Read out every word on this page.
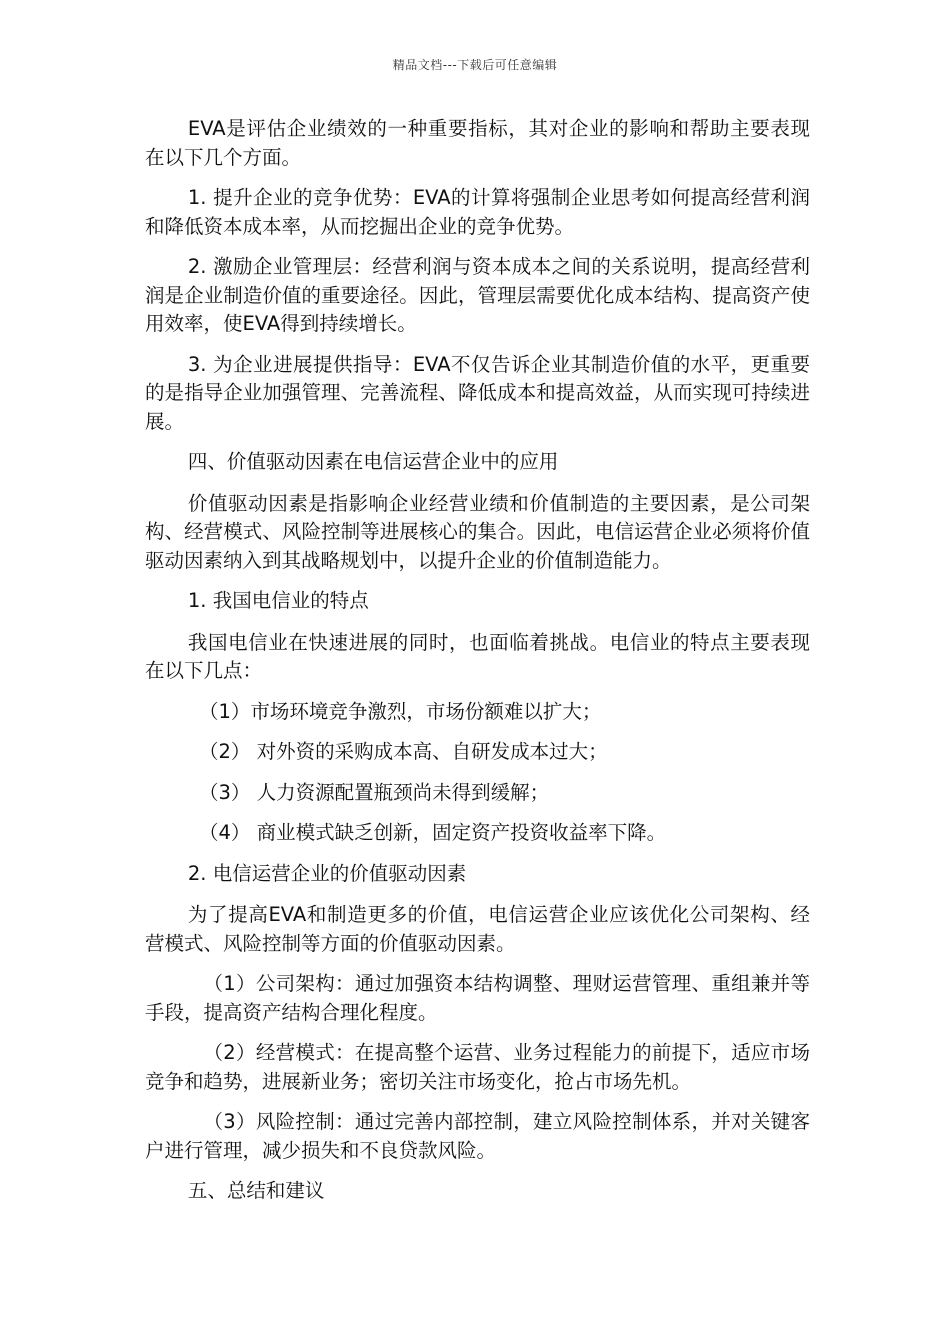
精品文档---下载后可任意编辑

EVA是评估企业绩效的一种重要指标，其对企业的影响和帮助主要表现在以下几个方面。

1. 提升企业的竞争优势：EVA的计算将强制企业思考如何提高经营利润和降低资本成本率，从而挖掘出企业的竞争优势。

2. 激励企业管理层：经营利润与资本成本之间的关系说明，提高经营利润是企业制造价值的重要途径。因此，管理层需要优化成本结构、提高资产使用效率，使EVA得到持续增长。

3. 为企业进展提供指导：EVA不仅告诉企业其制造价值的水平，更重要的是指导企业加强管理、完善流程、降低成本和提高效益，从而实现可持续进展。

四、价值驱动因素在电信运营企业中的应用

价值驱动因素是指影响企业经营业绩和价值制造的主要因素，是公司架构、经营模式、风险控制等进展核心的集合。因此，电信运营企业必须将价值驱动因素纳入到其战略规划中，以提升企业的价值制造能力。

1. 我国电信业的特点

我国电信业在快速进展的同时，也面临着挑战。电信业的特点主要表现在以下几点：

（1）市场环境竞争激烈，市场份额难以扩大；

（2） 对外资的采购成本高、自研发成本过大；

（3） 人力资源配置瓶颈尚未得到缓解；

（4） 商业模式缺乏创新，固定资产投资收益率下降。

2. 电信运营企业的价值驱动因素

为了提高EVA和制造更多的价值，电信运营企业应该优化公司架构、经营模式、风险控制等方面的价值驱动因素。

（1）公司架构：通过加强资本结构调整、理财运营管理、重组兼并等手段，提高资产结构合理化程度。

（2）经营模式：在提高整个运营、业务过程能力的前提下，适应市场竞争和趋势，进展新业务；密切关注市场变化，抢占市场先机。

（3）风险控制：通过完善内部控制，建立风险控制体系，并对关键客户进行管理，减少损失和不良贷款风险。

五、总结和建议
